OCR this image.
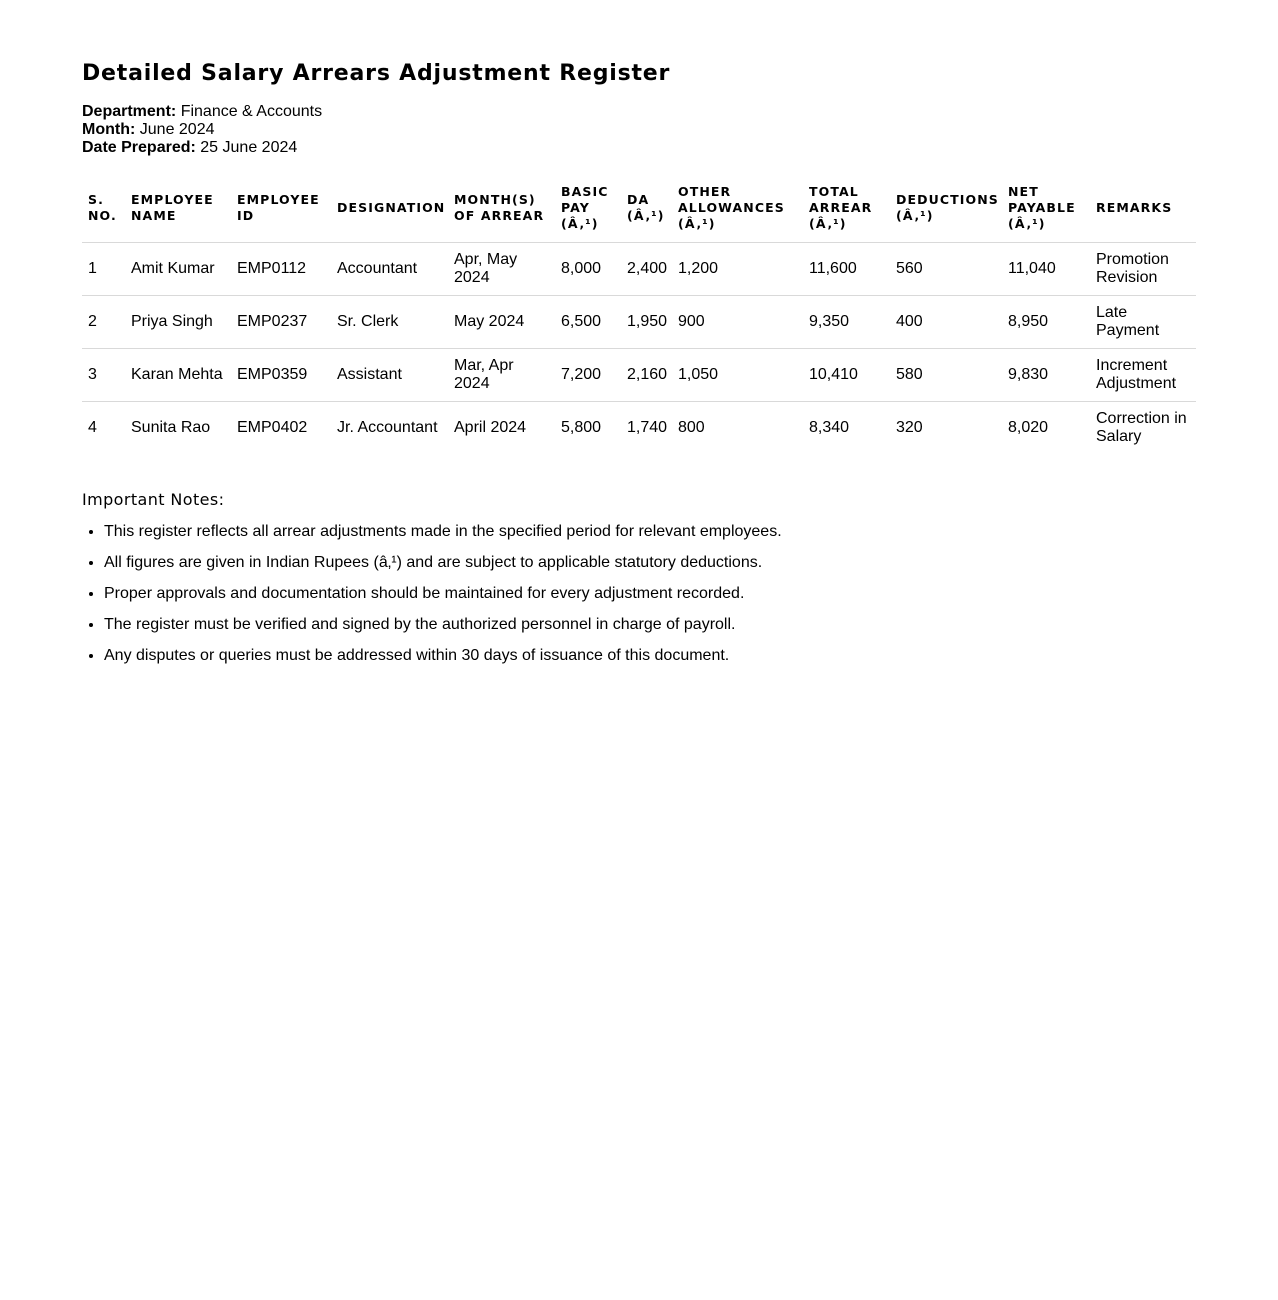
Detailed Salary Arrears Adjustment Register
Department: Finance & Accounts
Month: June 2024
Date Prepared: 25 June 2024
S. NO.	EMPLOYEE NAME	EMPLOYEE ID	DESIGNATION	MONTH(S) OF ARREAR	BASIC PAY (Â‚¹)	DA (Â‚¹)	OTHER ALLOWANCES (Â‚¹)	TOTAL ARREAR (Â‚¹)	DEDUCTIONS (Â‚¹)	NET PAYABLE (Â‚¹)	REMARKS
1	Amit Kumar	EMP0112	Accountant	Apr, May 2024	8,000	2,400	1,200	11,600	560	11,040	Promotion Revision
2	Priya Singh	EMP0237	Sr. Clerk	May 2024	6,500	1,950	900	9,350	400	8,950	Late Payment
3	Karan Mehta	EMP0359	Assistant	Mar, Apr 2024	7,200	2,160	1,050	10,410	580	9,830	Increment Adjustment
4	Sunita Rao	EMP0402	Jr. Accountant	April 2024	5,800	1,740	800	8,340	320	8,020	Correction in Salary
Important Notes:
• This register reflects all arrear adjustments made in the specified period for relevant employees.
• All figures are given in Indian Rupees (â‚¹) and are subject to applicable statutory deductions.
• Proper approvals and documentation should be maintained for every adjustment recorded.
• The register must be verified and signed by the authorized personnel in charge of payroll.
• Any disputes or queries must be addressed within 30 days of issuance of this document.
